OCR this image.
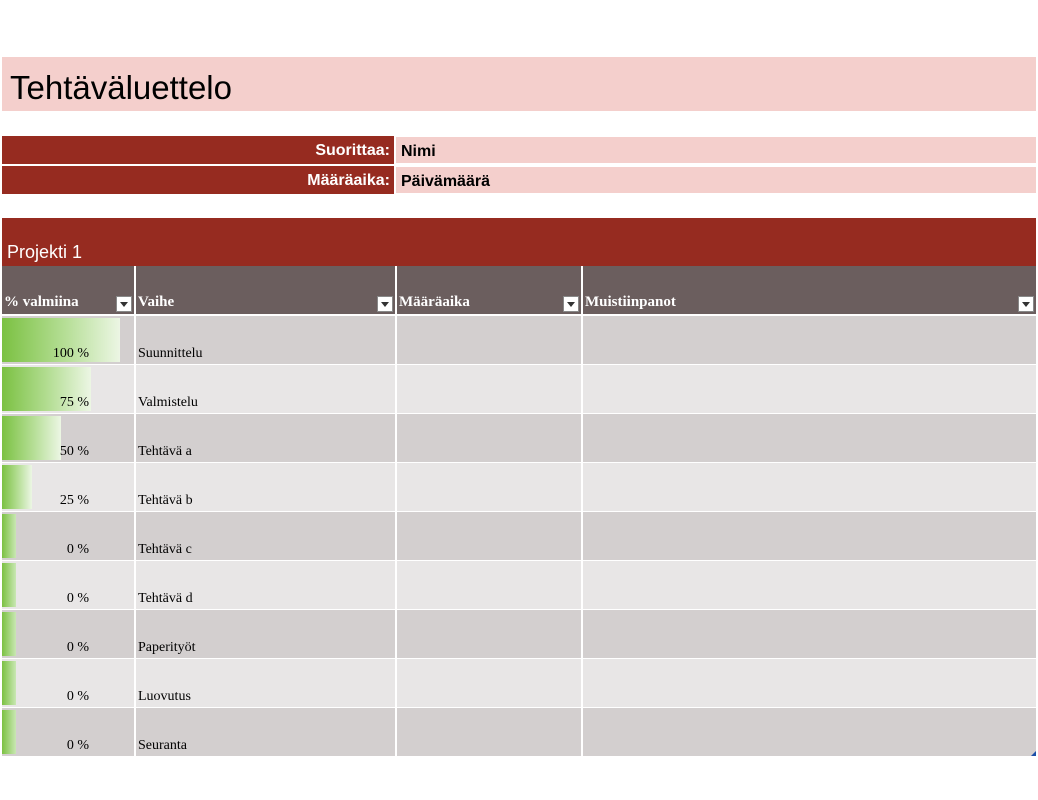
Tehtäväluettelo
Suorittaa: Nimi
Määräaika: Päivämäärä
Projekti 1
% valmiina	Vaihe	Määräaika	Muistiinpanot
100 %	Suunnittelu
75 %	Valmistelu
50 %	Tehtävä a
25 %	Tehtävä b
0 %	Tehtävä c
0 %	Tehtävä d
0 %	Paperityöt
0 %	Luovutus
0 %	Seuranta
